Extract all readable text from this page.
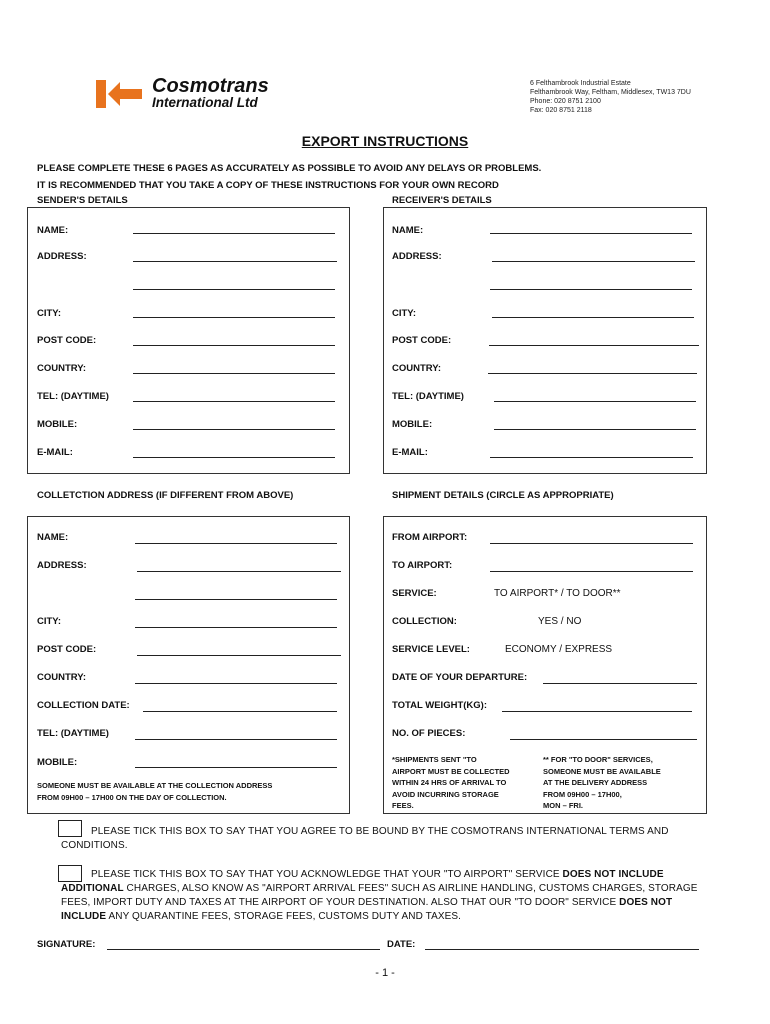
Cosmotrans
International Ltd
6 Felthambrook Industrial Estate
Felthambrook Way, Feltham, Middlesex, TW13 7DU
Phone: 020 8751 2100
Fax: 020 8751 2118
EXPORT INSTRUCTIONS
PLEASE COMPLETE THESE 6 PAGES AS ACCURATELY AS POSSIBLE TO AVOID ANY DELAYS OR PROBLEMS.
IT IS RECOMMENDED THAT YOU TAKE A COPY OF THESE INSTRUCTIONS FOR YOUR OWN RECORD
SENDER'S DETAILS	RECEIVER'S DETAILS
NAME:
ADDRESS:
CITY:
POST CODE:
COUNTRY:
TEL: (DAYTIME)
MOBILE:
E-MAIL:
NAME:
ADDRESS:
CITY:
POST CODE:
COUNTRY:
TEL: (DAYTIME)
MOBILE:
E-MAIL:
COLLETCTION ADDRESS (IF DIFFERENT FROM ABOVE)	SHIPMENT DETAILS (CIRCLE AS APPROPRIATE)
NAME:
ADDRESS:
CITY:
POST CODE:
COUNTRY:
COLLECTION DATE:
TEL: (DAYTIME)
MOBILE:
SOMEONE MUST BE AVAILABLE AT THE COLLECTION ADDRESS
FROM 09H00 – 17H00 ON THE DAY OF COLLECTION.
FROM AIRPORT:
TO AIRPORT:
SERVICE:	TO AIRPORT* / TO DOOR**
COLLECTION:	YES / NO
SERVICE LEVEL:	ECONOMY / EXPRESS
DATE OF YOUR DEPARTURE:
TOTAL WEIGHT(KG):
NO. OF PIECES:
*SHIPMENTS SENT "TO
AIRPORT MUST BE COLLECTED
WITHIN 24 HRS OF ARRIVAL TO
AVOID INCURRING STORAGE
FEES.
** FOR "TO DOOR" SERVICES,
SOMEONE MUST BE AVAILABLE
AT THE DELIVERY ADDRESS
FROM 09H00 – 17H00,
MON – FRI.
PLEASE TICK THIS BOX TO SAY THAT YOU AGREE TO BE BOUND BY THE COSMOTRANS INTERNATIONAL TERMS AND CONDITIONS.
PLEASE TICK THIS BOX TO SAY THAT YOU ACKNOWLEDGE THAT YOUR "TO AIRPORT" SERVICE DOES NOT INCLUDE ADDITIONAL CHARGES, ALSO KNOW AS "AIRPORT ARRIVAL FEES" SUCH AS AIRLINE HANDLING, CUSTOMS CHARGES, STORAGE FEES, IMPORT DUTY AND TAXES AT THE AIRPORT OF YOUR DESTINATION. ALSO THAT OUR "TO DOOR" SERVICE DOES NOT INCLUDE ANY QUARANTINE FEES, STORAGE FEES, CUSTOMS DUTY AND TAXES.
SIGNATURE:	DATE:
- 1 -
